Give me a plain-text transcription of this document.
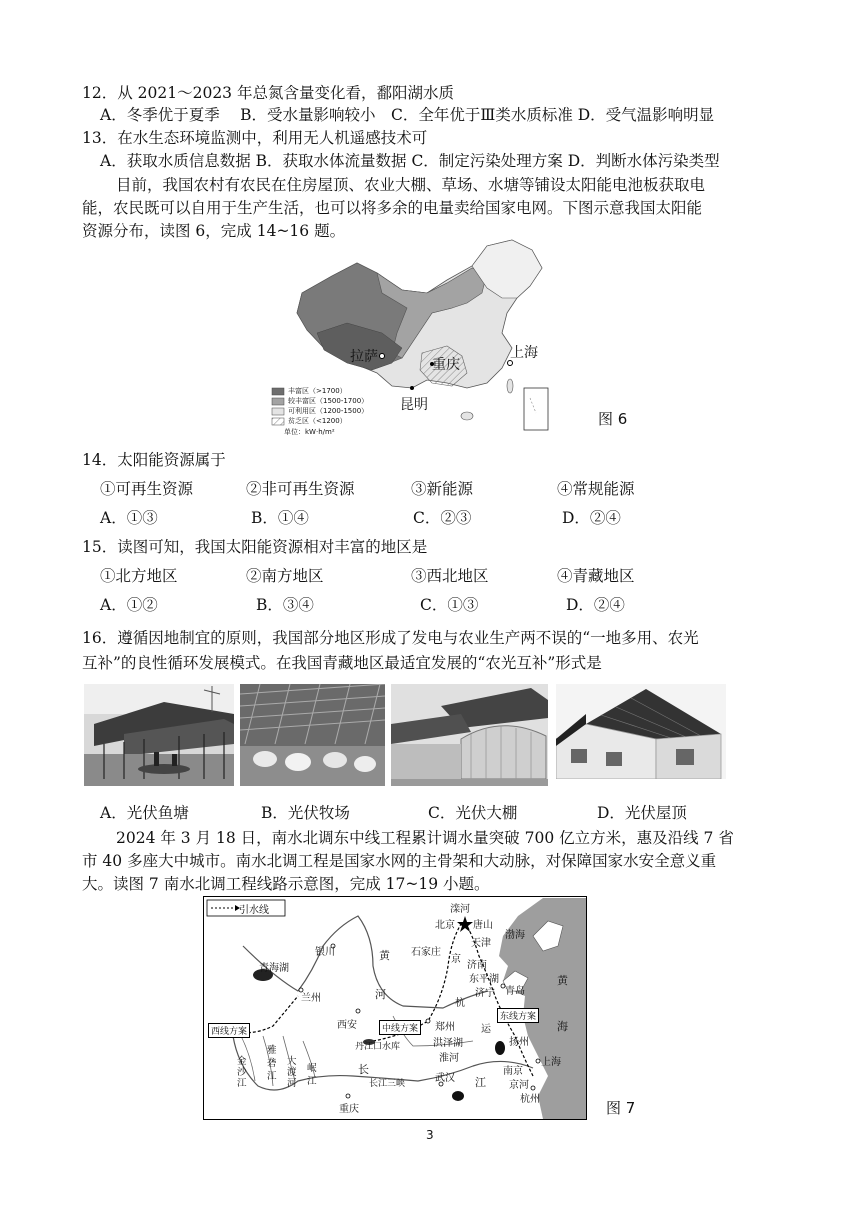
12．从 2021～2023 年总氮含量变化看，鄱阳湖水质
A．冬季优于夏季　 B．受水量影响较小　C．全年优于Ⅲ类水质标准 D．受气温影响明显
13．在水生态环境监测中，利用无人机遥感技术可
A．获取水质信息数据 B．获取水体流量数据 C．制定污染处理方案 D．判断水体污染类型
目前，我国农村有农民在住房屋顶、农业大棚、草场、水塘等铺设太阳能电池板获取电
能，农民既可以自用于生产生活，也可以将多余的电量卖给国家电网。下图示意我国太阳能
资源分布，读图 6，完成 14~16 题。
拉萨	重庆
上海
昆明
丰富区（>1700）
较丰富区（1500-1700）
可利用区（1200-1500）
贫乏区（<1200）
单位：kW·h/m²
图 6
14．太阳能资源属于
①可再生资源	②非可再生资源	③新能源	④常规能源
A．①③	B．①④	C．②③	D．②④
15．读图可知，我国太阳能资源相对丰富的地区是
①北方地区	②南方地区	③西北地区	④青藏地区
A．①②	B．③④	C．①③	D．②④
16．遵循因地制宜的原则，我国部分地区形成了发电与农业生产两不误的“一地多用、农光
互补”的良性循环发展模式。在我国青藏地区最适宜发展的“农光互补”形式是
A．光伏鱼塘	B．光伏牧场	C．光伏大棚	D．光伏屋顶
2024 年 3 月 18 日，南水北调东中线工程累计调水量突破 700 亿立方米，惠及沿线 7 省
市 40 多座大中城市。南水北调工程是国家水网的主骨架和大动脉，对保障国家水安全意义重
大。读图 7 南水北调工程线路示意图，完成 17~19 小题。
引水线	滦河
北京 唐山
天津
渤海
青海湖
银川	黄
河
石家庄
京
杭
运
济南
东平湖
济宁 青岛
黄
海
兰州
西安	郑州
中线方案
东线方案
西线方案
丹江口水库	洪泽湖
淮河
扬州
上海
南京
京河
杭州
武汉
长
江
长江三峡
重庆
金沙江
雅砻江
大渡河
岷江
图 7
3
